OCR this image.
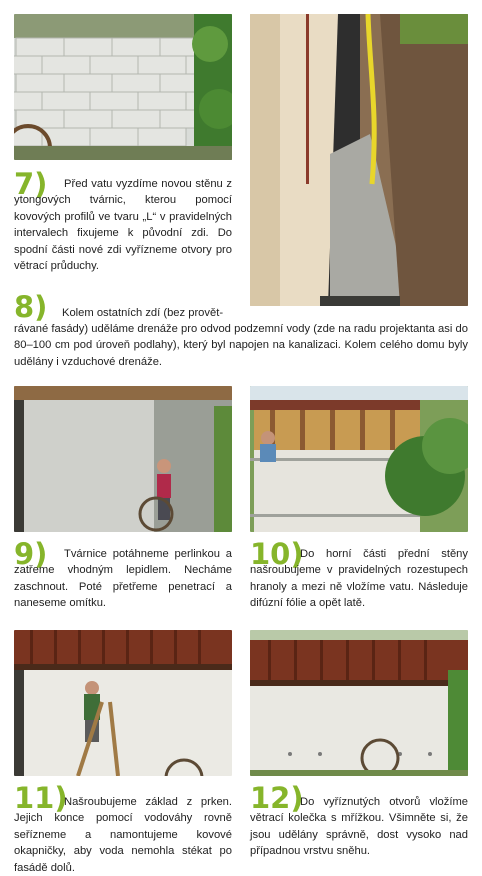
7)	Před vatu vyzdíme novou stěnu z ytongových tvárnic, kterou pomocí kovových profilů ve tvaru „L“ v pravidelných intervalech fixujeme k původní zdi. Do spodní části nové zdi vyřízneme otvory pro větrací průduchy.
8) Kolem ostatních zdí (bez provět-
rávané fasády) uděláme drenáže pro odvod podzemní vody (zde na radu projektanta asi do 80–100 cm pod úroveň podlahy), který byl napojen na kanalizaci. Kolem celého domu byly udělány i vzduchové drenáže.
9)	Tvárnice potáhneme perlinkou a zatřeme vhodným lepidlem. Necháme zaschnout. Poté přetřeme penetrací a naneseme omítku.
10)
Do horní části přední stěny našroubujeme v pravidelných rozestupech hranoly a mezi ně vložíme vatu. Následuje difúzní fólie a opět latě.
11)
Našroubujeme základ z prken. Jejich konce pomocí vodováhy rovně seřízneme a namontujeme kovové okapničky, aby voda nemohla stékat po fasádě dolů.
12)
Do vyříznutých otvorů vložíme větrací kolečka s mřížkou. Všimněte si, že jsou udělány správně, dost vysoko nad případnou vrstvu sněhu.
